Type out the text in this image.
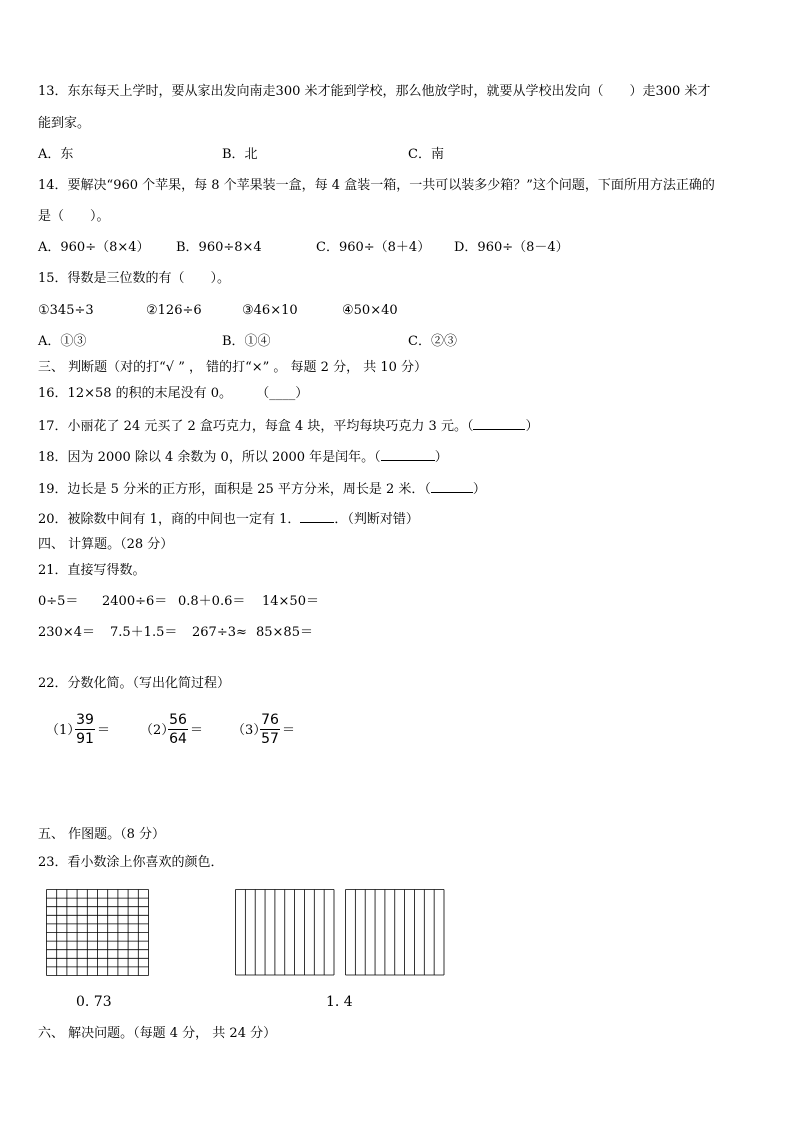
13．东东每天上学时，要从家出发向南走300 米才能到学校，那么他放学时，就要从学校出发向（　　）走300 米才
能到家。
A．东	B．北	C．南
14．要解决“960 个苹果，每 8 个苹果装一盒，每 4 盒装一箱，一共可以装多少箱？”这个问题，下面所用方法正确的
是（　　）。
A．960÷（8×4） B．960÷8×4	C．960÷（8＋4） D．960÷（8－4）
15．得数是三位数的有（　　）。
①345÷3	②126÷6	③46×10	④50×40
A．①③	B．①④	C．②③
三、 判断题（对的打“√ ” ， 错的打“×” 。 每题 2 分， 共 10 分）
16．12×58 的积的末尾没有 0。 （____）
17．小丽花了 24 元买了 2 盒巧克力，每盒 4 块，平均每块巧克力 3 元。（	）
18．因为 2000 除以 4 余数为 0，所以 2000 年是闰年。（	）
19．边长是 5 分米的正方形，面积是 25 平方分米，周长是 2 米．（	）
20．被除数中间有 1，商的中间也一定有 1．	．（判断对错）
四、 计算题。（28 分）
21．直接写得数。
0÷5＝ 2400÷6＝ 0.8＋0.6＝ 14×50＝
230×4＝ 7.5＋1.5＝ 267÷3≈ 85×85＝
22．分数化简。（写出化简过程）
（1）
39
91
＝ （2）
56
64
＝ （3）
76
57
＝
五、 作图题。（8 分）
23．看小数涂上你喜欢的颜色．
0. 73	1. 4
六、 解决问题。（每题 4 分， 共 24 分）
